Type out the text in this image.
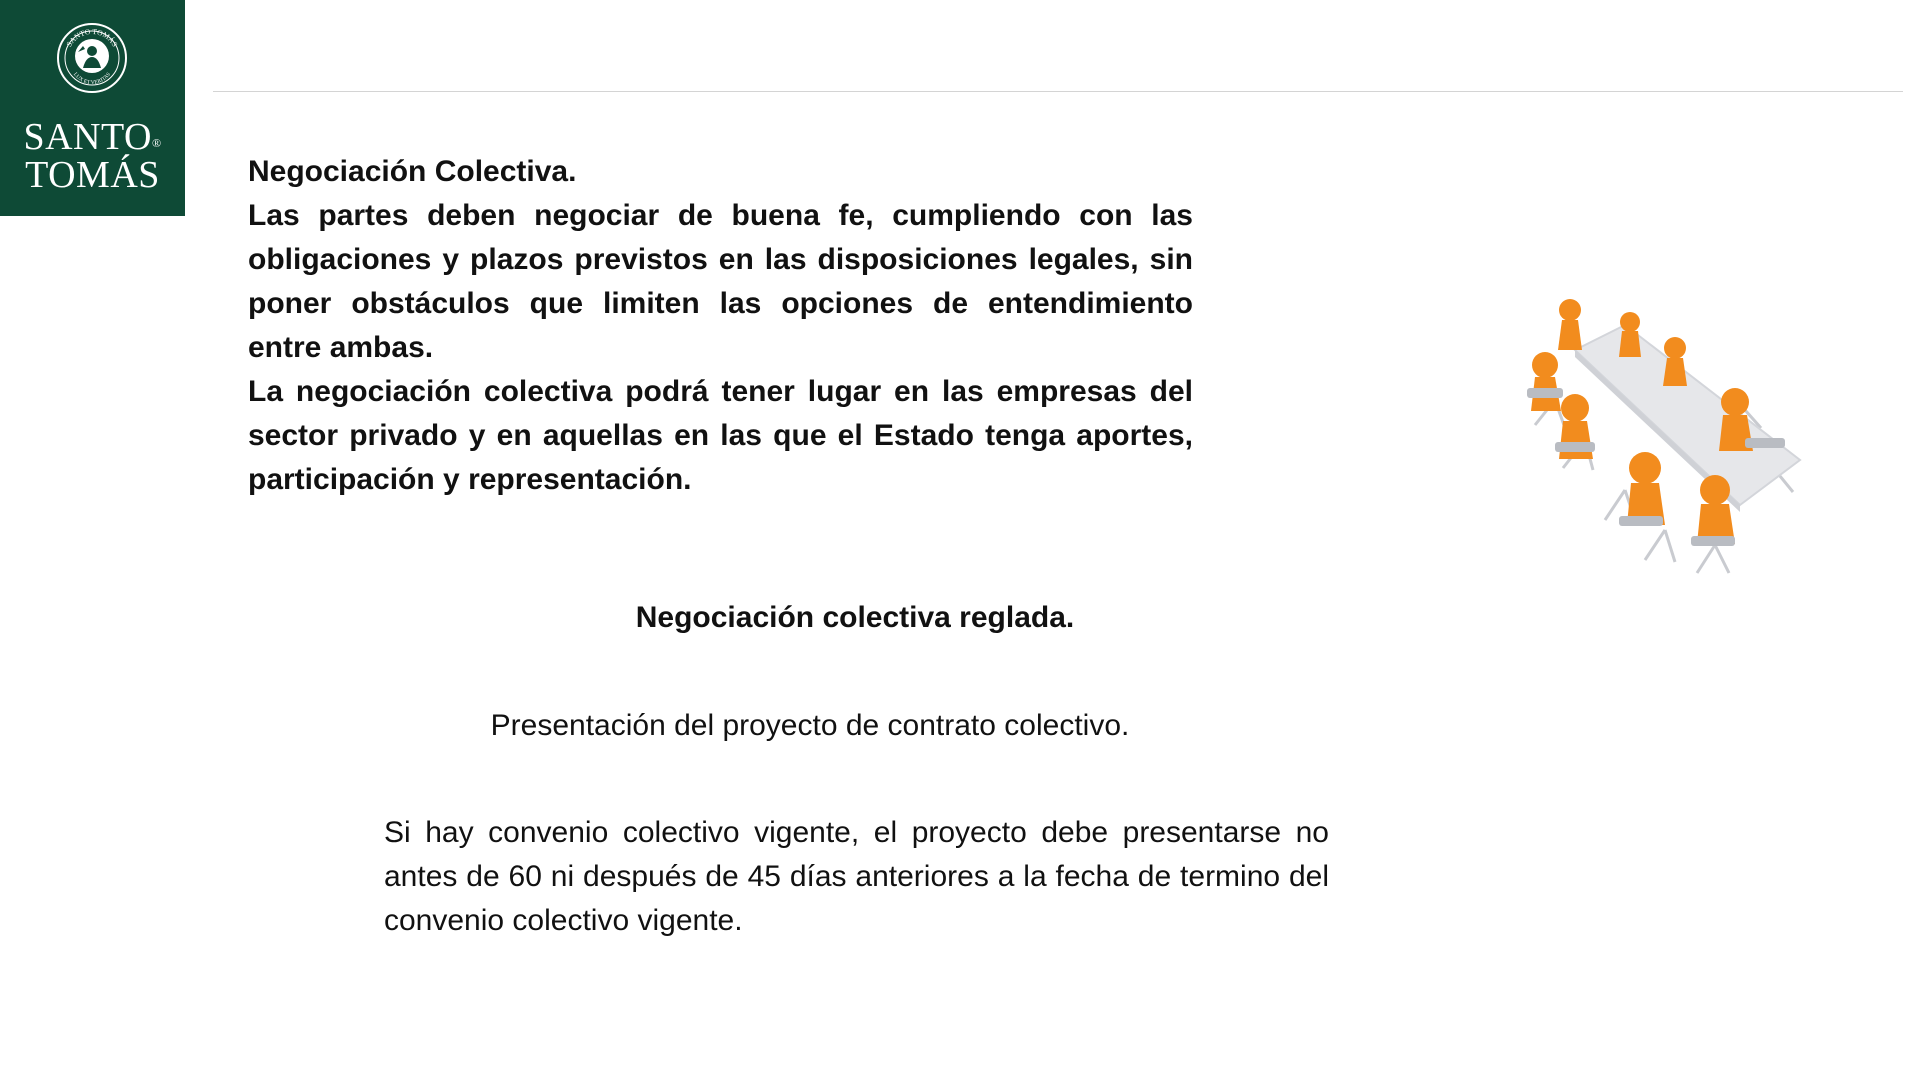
SANTO TOMÁS
LUX ET VERITAS
SANTO®
TOMÁS	Negociación Colectiva.

Las partes deben negociar de buena fe, cumpliendo con las obligaciones y plazos previstos en las disposiciones legales, sin poner obstáculos que limiten las opciones de entendimiento entre ambas.

La negociación colectiva podrá tener lugar en las empresas del sector privado y en aquellas en las que el Estado tenga aportes, participación y representación.

Negociación colectiva reglada.

Presentación del proyecto de contrato colectivo.

Si hay convenio colectivo vigente, el proyecto debe presentarse no antes de 60 ni después de 45 días anteriores a la fecha de termino del convenio colectivo vigente.
